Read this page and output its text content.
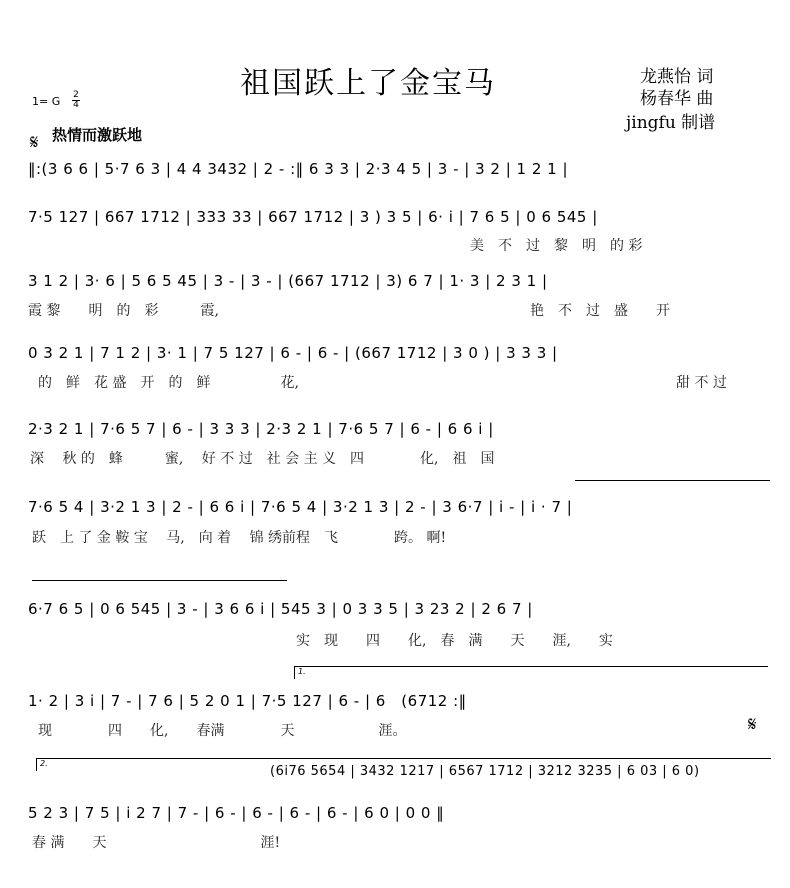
祖国跃上了金宝马	龙燕怡 词
杨春华 曲
jingfu 制谱
1= G 2
4
𝄋 热情而激跃地
‖:(3 6 6 | 5·7 6 3 | 4 4 3432 | 2 - :‖ 6 3 3 | 2·3 4 5 | 3 - | 3 2 | 1 2 1 |
7·5 127 | 667 1712 | 333 33 | 667 1712 | 3 ) 3 5 | 6· i | 7 6 5 | 0 6 545 |
美　不　过　黎　明　的 彩
3 1 2 | 3· 6 | 5 6 5 45 | 3 - | 3 - | (667 1712 | 3) 6 7 | 1· 3 | 2 3 1 |
霞 黎　　明　的　彩　　　霞,	艳　不　过　盛　　开
0 3 2 1 | 7 1 2 | 3· 1 | 7 5 127 | 6 - | 6 - | (667 1712 | 3 0 ) | 3 3 3 |
的　鲜　花 盛　开　的　鲜　　　　　花,	甜 不 过
2·3 2 1 | 7·6 5 7 | 6 - | 3 3 3 | 2·3 2 1 | 7·6 5 7 | 6 - | 6 6 i |
深　 秋 的　蜂　　　蜜,　 好 不 过　社 会 主 义　四　　　　化,　祖　国
7·6 5 4 | 3·2 1 3 | 2 - | 6 6 i | 7·6 5 4 | 3·2 1 3 | 2 - | 3 6·7 | i - | i · 7 |
跃　上 了 金 鞍 宝　 马,　向 着　 锦 绣前程　飞　　　　跨。 啊!
6·7 6 5 | 0 6 545 | 3 - | 3 6 6 i | 545 3 | 0 3 3 5 | 3 23 2 | 2 6 7 |
实　现　　四　　化,　春　满　　天　　涯,　　实
1.
1· 2 | 3 i | 7 - | 7 6 | 5 2 0 1 | 7·5 127 | 6 - | 6　(6712 :‖
现　　　　四　　化,　　春满　　　　天　　　　　　涯。	𝄋
2.
(6i76 5654 | 3432 1217 | 6567 1712 | 3212 3235 | 6 03 | 6 0)
5 2 3 | 7 5 | i 2 7 | 7 - | 6 - | 6 - | 6 - | 6 - | 6 0 | 0 0 ‖
春 满　　天　　　　　　　　　　　涯!
